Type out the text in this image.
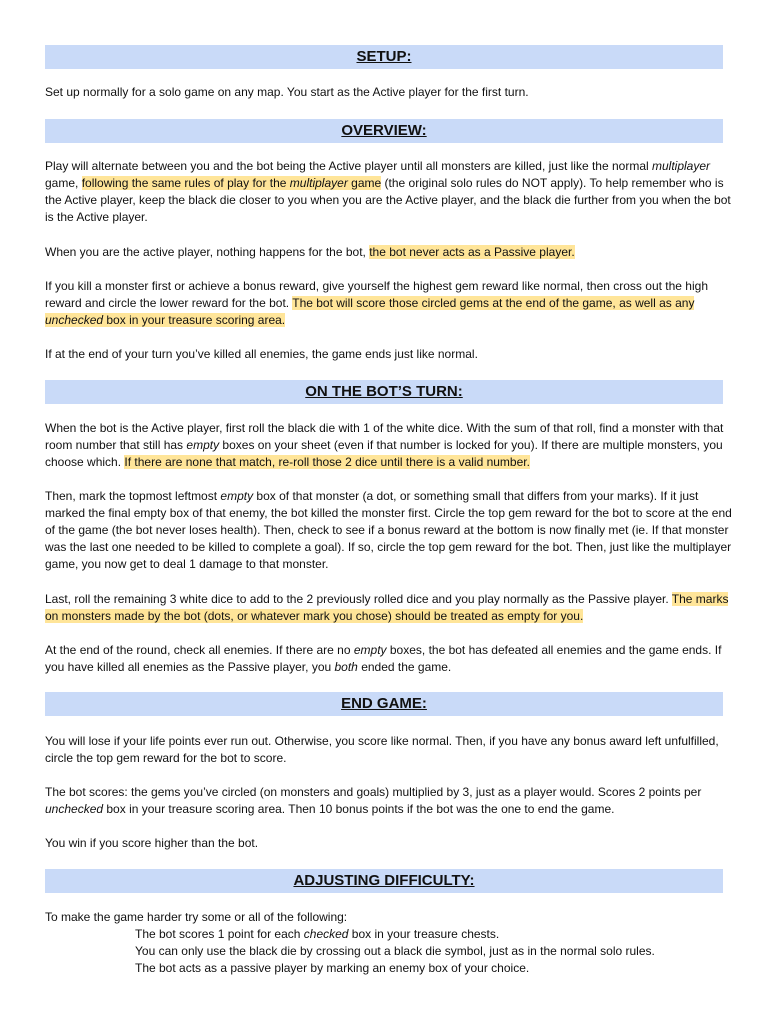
SETUP:

Set up normally for a solo game on any map. You start as the Active player for the first turn.

OVERVIEW:

Play will alternate between you and the bot being the Active player until all monsters are killed, just like the normal multiplayer game, following the same rules of play for the multiplayer game (the original solo rules do NOT apply). To help remember who is the Active player, keep the black die closer to you when you are the Active player, and the black die further from you when the bot is the Active player.

When you are the active player, nothing happens for the bot, the bot never acts as a Passive player.

If you kill a monster first or achieve a bonus reward, give yourself the highest gem reward like normal, then cross out the high reward and circle the lower reward for the bot. The bot will score those circled gems at the end of the game, as well as any unchecked box in your treasure scoring area.

If at the end of your turn you’ve killed all enemies, the game ends just like normal.

ON THE BOT’S TURN:

When the bot is the Active player, first roll the black die with 1 of the white dice. With the sum of that roll, find a monster with that room number that still has empty boxes on your sheet (even if that number is locked for you). If there are multiple monsters, you choose which. If there are none that match, re-roll those 2 dice until there is a valid number.

Then, mark the topmost leftmost empty box of that monster (a dot, or something small that differs from your marks). If it just marked the final empty box of that enemy, the bot killed the monster first. Circle the top gem reward for the bot to score at the end of the game (the bot never loses health). Then, check to see if a bonus reward at the bottom is now finally met (ie. If that monster was the last one needed to be killed to complete a goal). If so, circle the top gem reward for the bot. Then, just like the multiplayer game, you now get to deal 1 damage to that monster.

Last, roll the remaining 3 white dice to add to the 2 previously rolled dice and you play normally as the Passive player. The marks on monsters made by the bot (dots, or whatever mark you chose) should be treated as empty for you.

At the end of the round, check all enemies. If there are no empty boxes, the bot has defeated all enemies and the game ends. If you have killed all enemies as the Passive player, you both ended the game.

END GAME:

You will lose if your life points ever run out. Otherwise, you score like normal. Then, if you have any bonus award left unfulfilled, circle the top gem reward for the bot to score.

The bot scores: the gems you’ve circled (on monsters and goals) multiplied by 3, just as a player would. Scores 2 points per unchecked box in your treasure scoring area. Then 10 bonus points if the bot was the one to end the game.

You win if you score higher than the bot.

ADJUSTING DIFFICULTY:

To make the game harder try some or all of the following:

The bot scores 1 point for each checked box in your treasure chests.

You can only use the black die by crossing out a black die symbol, just as in the normal solo rules.

The bot acts as a passive player by marking an enemy box of your choice.
